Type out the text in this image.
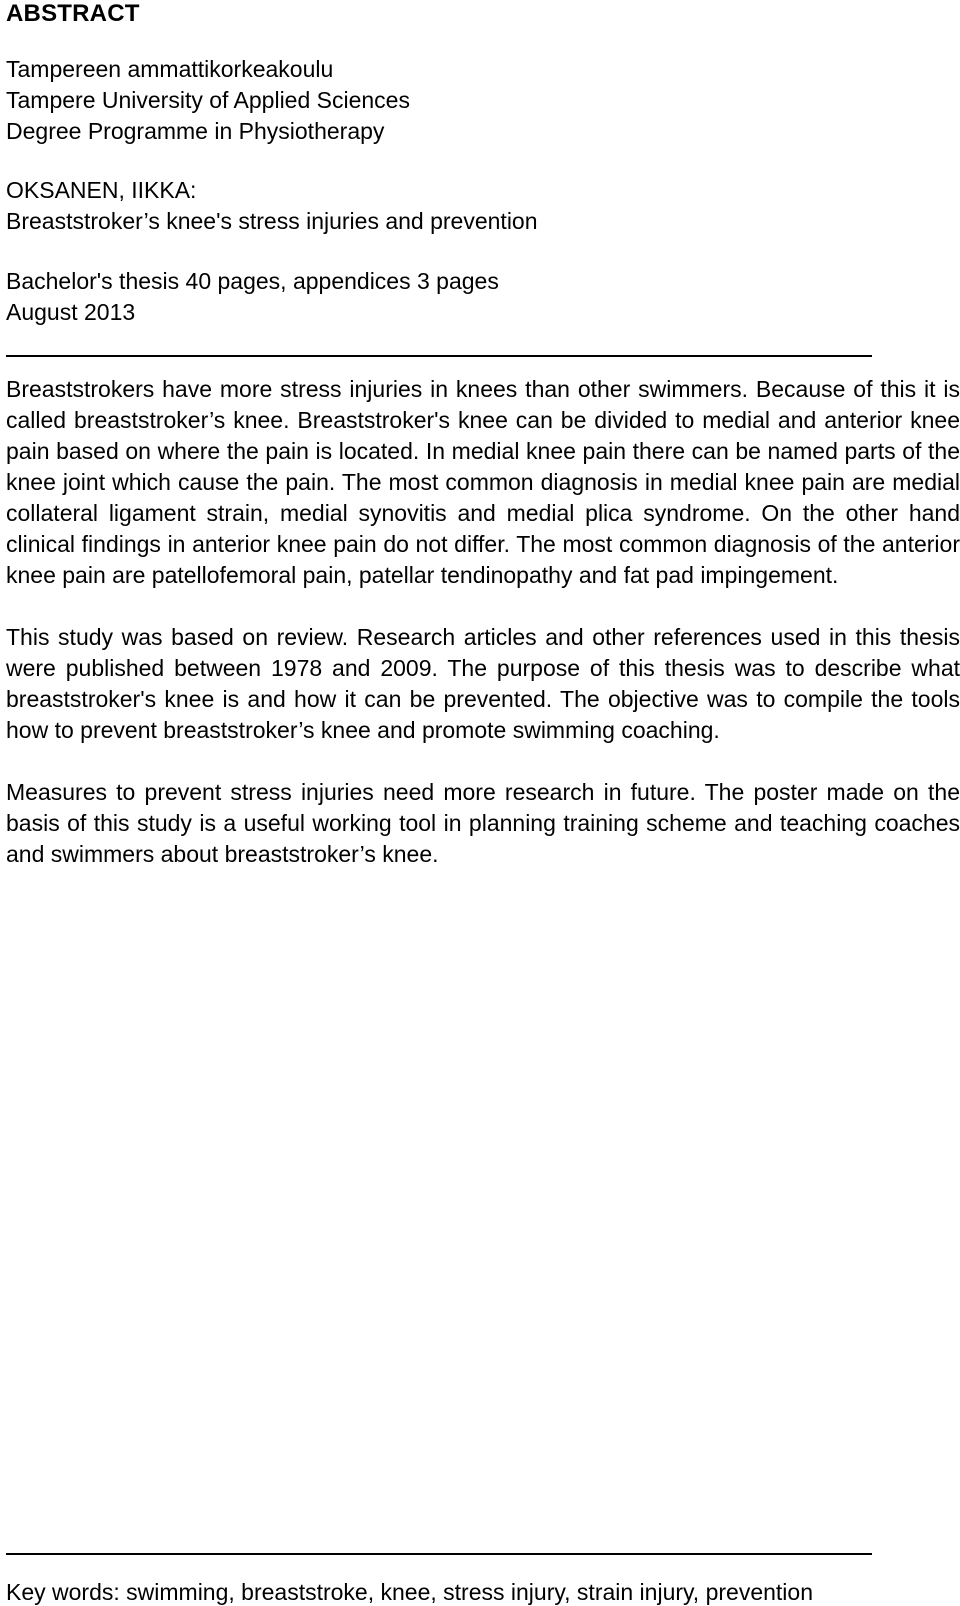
ABSTRACT
Tampereen ammattikorkeakoulu
Tampere University of Applied Sciences
Degree Programme in Physiotherapy
OKSANEN, IIKKA:
Breaststroker’s knee's stress injuries and prevention
Bachelor's thesis 40 pages, appendices 3 pages
August 2013
Breaststrokers have more stress injuries in knees than other swimmers. Because of this it is called breaststroker’s knee. Breaststroker's knee can be divided to medial and anterior knee pain based on where the pain is located. In medial knee pain there can be named parts of the knee joint which cause the pain. The most common diagnosis in medial knee pain are medial collateral ligament strain, medial synovitis and medial plica syndrome. On the other hand clinical findings in anterior knee pain do not differ. The most common diagnosis of the anterior knee pain are patellofemoral pain, patellar tendinopathy and fat pad impingement.
This study was based on review. Research articles and other references used in this thesis were published between 1978 and 2009. The purpose of this thesis was to describe what breaststroker's knee is and how it can be prevented. The objective was to compile the tools how to prevent breaststroker’s knee and promote swimming coaching.
Measures to prevent stress injuries need more research in future. The poster made on the basis of this study is a useful working tool in planning training scheme and teaching coaches and swimmers about breaststroker’s knee.
Key words: swimming, breaststroke, knee, stress injury, strain injury, prevention
